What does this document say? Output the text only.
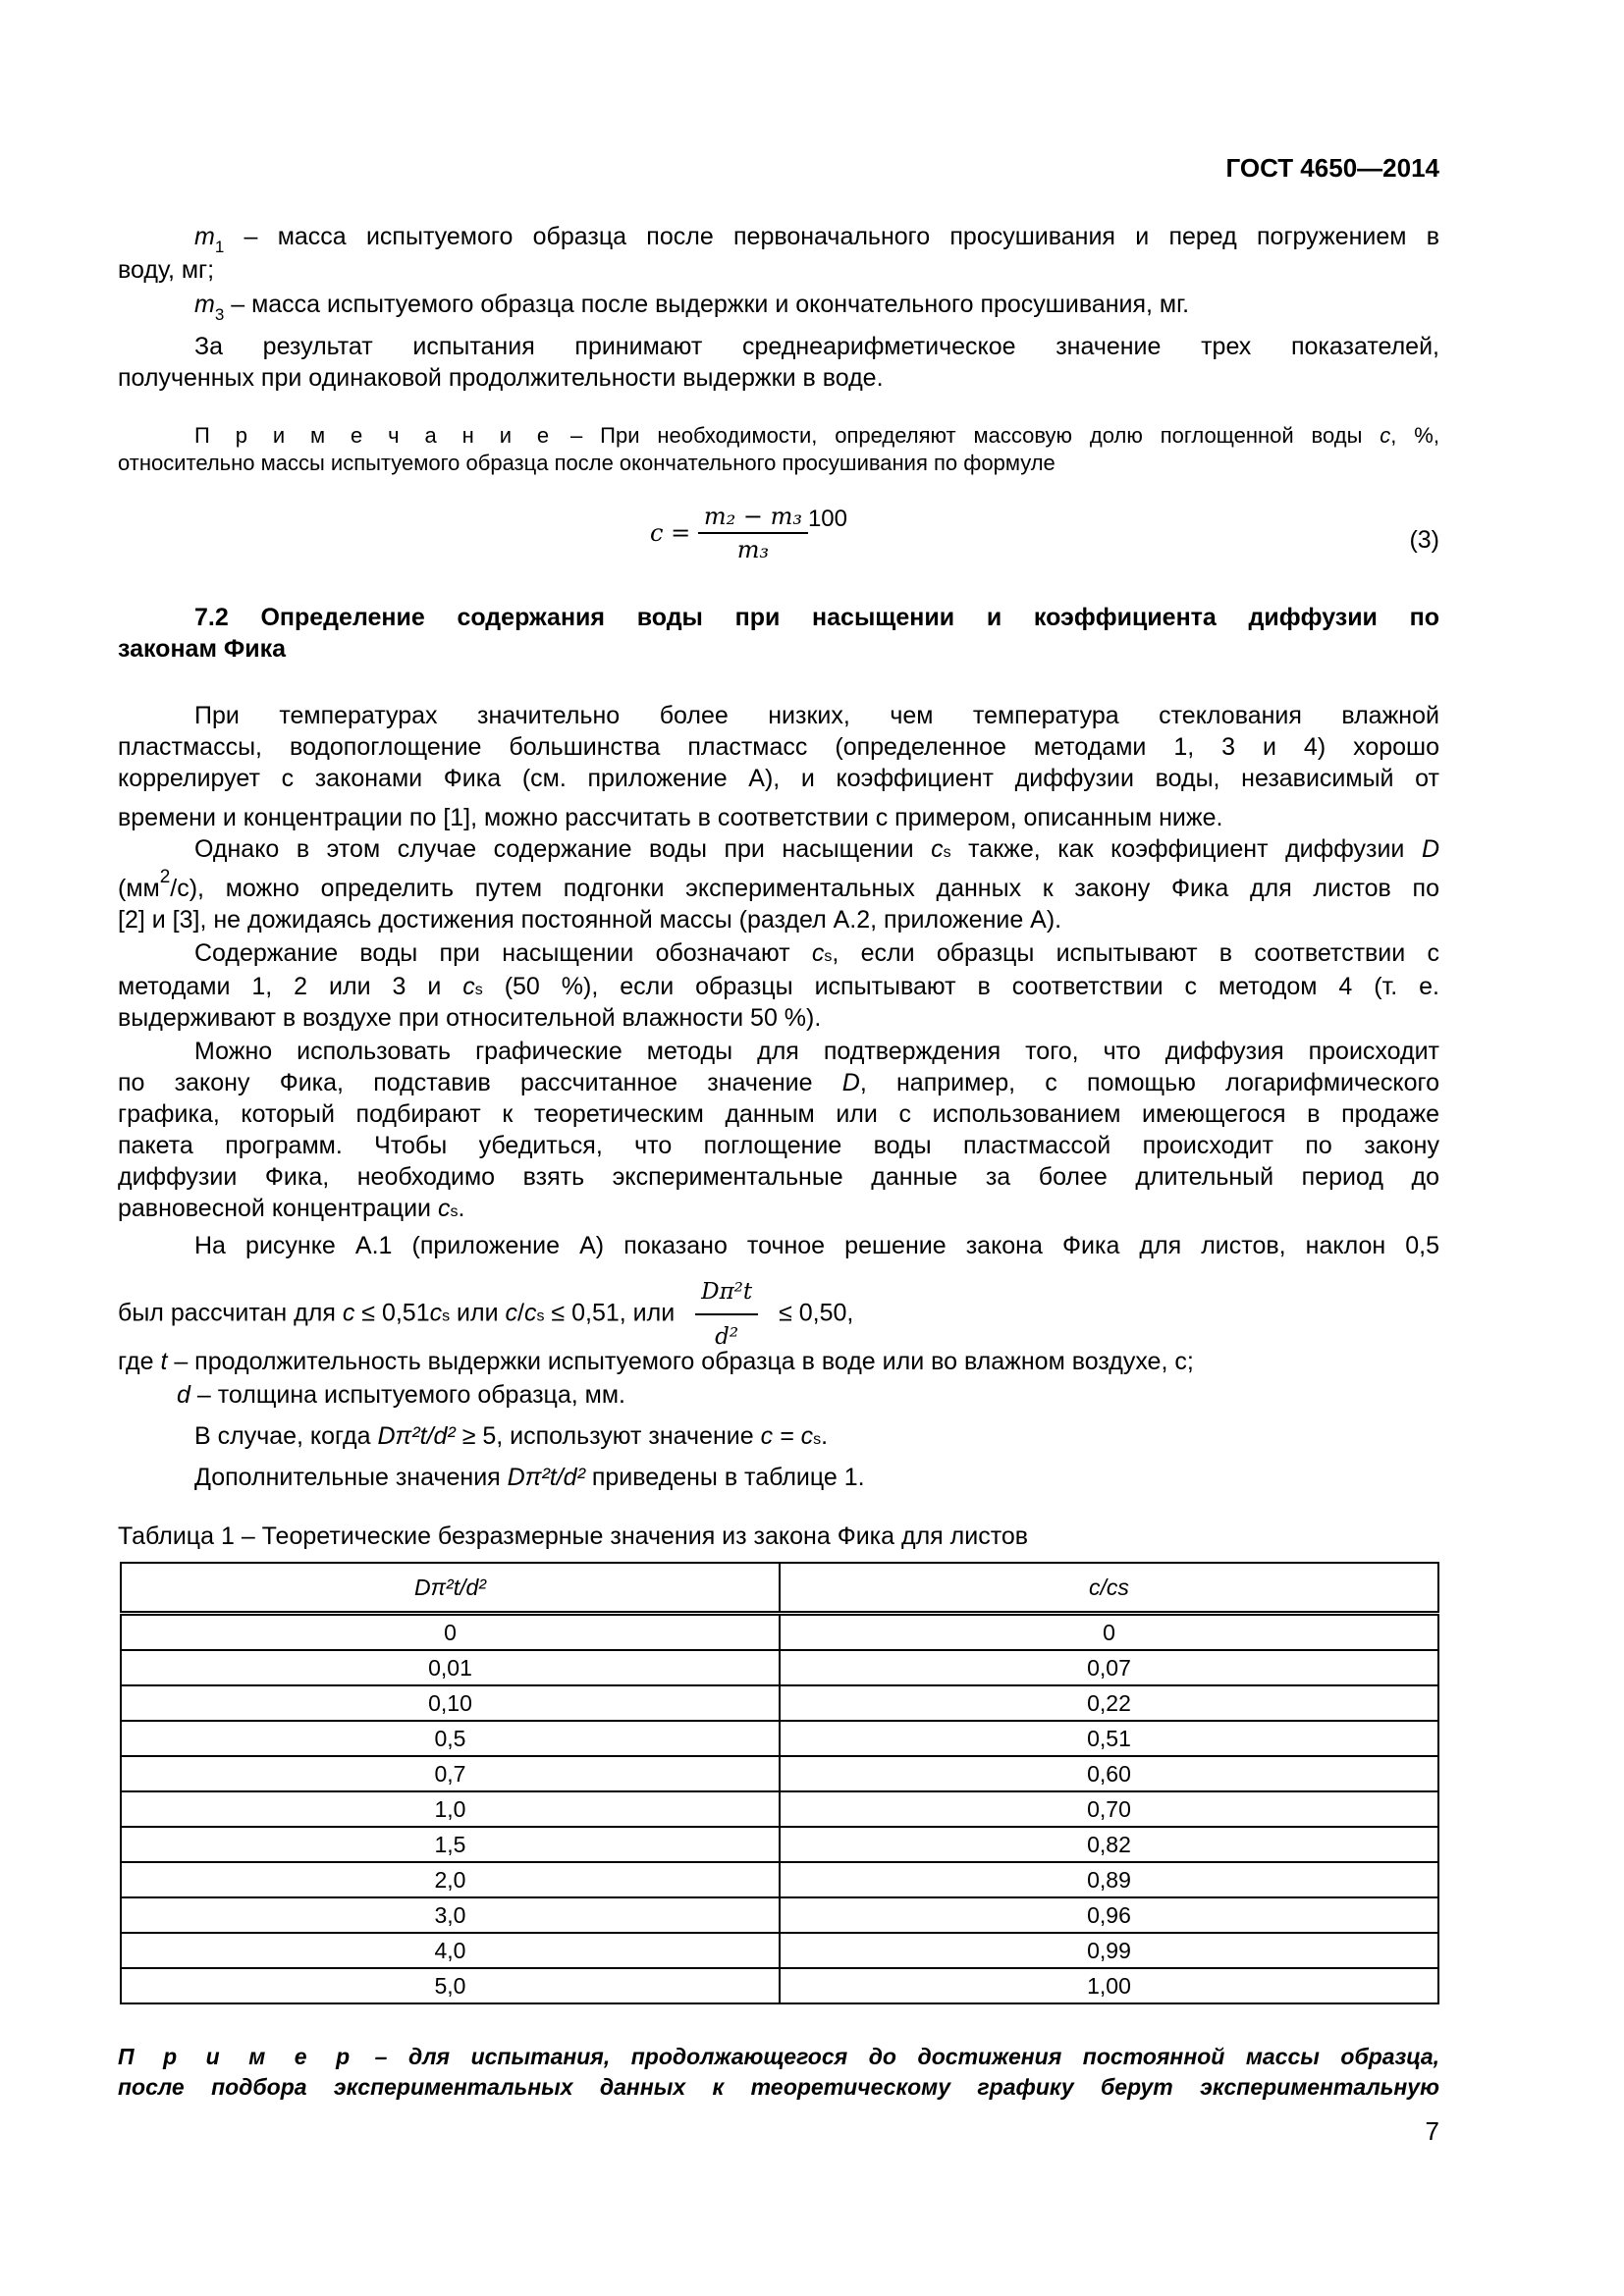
ГОСТ 4650—2014
$m_1$ – масса испытуемого образца после первоначального просушивания и перед погружением в
воду, мг;
$m_3$ – масса испытуемого образца после выдержки и окончательного просушивания, мг.
За результат испытания принимают среднеарифметическое значение трех показателей,
полученных при одинаковой продолжительности выдержки в воде.
П р и м е ч а н и е – При необходимости, определяют массовую долю поглощенной воды c, %,
относительно массы испытуемого образца после окончательного просушивания по формуле
$c = \frac{\text{m₂ − m₃}}{\text{m₃}} 100$
(3)
7.2 Определение содержания воды при насыщении и коэффициента диффузии по
законам Фика
При температурах значительно более низких, чем температура стеклования влажной
пластмассы, водопоглощение большинства пластмасс (определенное методами 1, 3 и 4) хорошо
коррелирует с законами Фика (см. приложение А), и коэффициент диффузии воды, независимый от
времени и концентрации по [1], можно рассчитать в соответствии с примером, описанным ниже.
Однако в этом случае содержание воды при насыщении cs также, как коэффициент диффузии D
$(мм^2/c)$, можно определить путем подгонки экспериментальных данных к закону Фика для листов по
[2] и [3], не дожидаясь достижения постоянной массы (раздел А.2, приложение А).
Содержание воды при насыщении обозначают cs, если образцы испытывают в соответствии с
методами 1, 2 или 3 и cs (50 %), если образцы испытывают в соответствии с методом 4 (т. е.
выдерживают в воздухе при относительной влажности 50 %).
Можно использовать графические методы для подтверждения того, что диффузия происходит
по закону Фика, подставив рассчитанное значение D, например, с помощью логарифмического
графика, который подбирают к теоретическим данным или с использованием имеющегося в продаже
пакета программ. Чтобы убедиться, что поглощение воды пластмассой происходит по закону
диффузии Фика, необходимо взять экспериментальные данные за более длительный период до
равновесной концентрации cs.
На рисунке А.1 (приложение А) показано точное решение закона Фика для листов, наклон 0,5
был рассчитан для c ≤ 0,51cs или c/cs ≤ 0,51, или $\frac{\text{Dπ²t}}{\text{d²}} \le 0,50$,
где t – продолжительность выдержки испытуемого образца в воде или во влажном воздухе, с;
d – толщина испытуемого образца, мм.
В случае, когда Dπ²t/d² ≥ 5, используют значение c = cs.
Дополнительные значения Dπ²t/d² приведены в таблице 1.
Таблица 1 – Теоретические безразмерные значения из закона Фика для листов
Dπ²t/d²	c/cs
0	0
0,01	0,07
0,10	0,22
0,5	0,51
0,7	0,60
1,0	0,70
1,5	0,82
2,0	0,89
3,0	0,96
4,0	0,99
5,0	1,00
П р и м е р – для испытания, продолжающегося до достижения постоянной массы образца,
после подбора экспериментальных данных к теоретическому графику берут экспериментальную
7
